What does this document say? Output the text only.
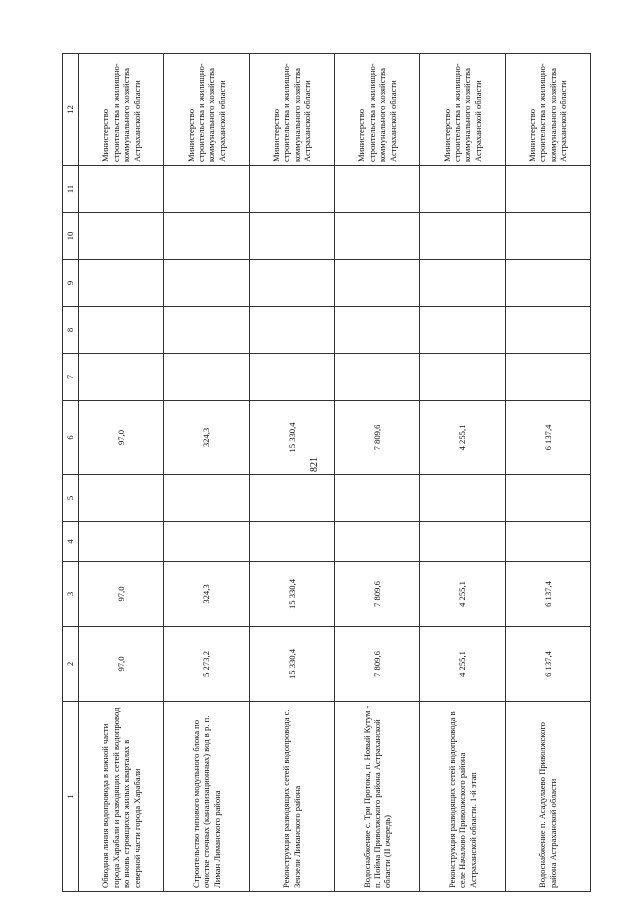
821
1	2	3	4	5	6	7	8	9	10	11	12
Обводная линия водопровода в южной части города Харабали и разводящих сетей водопровод во вновь строящихся жилых кварталах в северной части города Харабали	97,0	97,0			97,0						Министерство строительства и жилищно-коммунального хозяйства Астраханской области
Строительство типового модульного блока по очистке сточных (канализационных) вод в р. п. Лиман Лиманского района	5 273,2	324,3			324,3						Министерство строительства и жилищно-коммунального хозяйства Астраханской области
Реконструкция разводящих сетей водопровода с. Зензели Лиманского района	15 330,4	15 330,4			15 330,4						Министерство строительства и жилищно-коммунального хозяйства Астраханской области
Водоснабжение с. Три Протока, п. Новый Кутум - п. Пойма Приволжского района Астраханской области (II очередь)	7 809,6	7 809,6			7 809,6						Министерство строительства и жилищно-коммунального хозяйства Астраханской области
Реконструкция разводящих сетей водопровода в селе Началово Приволжского района Астраханской области. 1-й этап	4 255,1	4 255,1			4 255,1						Министерство строительства и жилищно-коммунального хозяйства Астраханской области
Водоснабжение п. Асадулаево Приволжского района Астраханской области	6 137,4	6 137,4			6 137,4						Министерство строительства и жилищно-коммунального хозяйства Астраханской области
